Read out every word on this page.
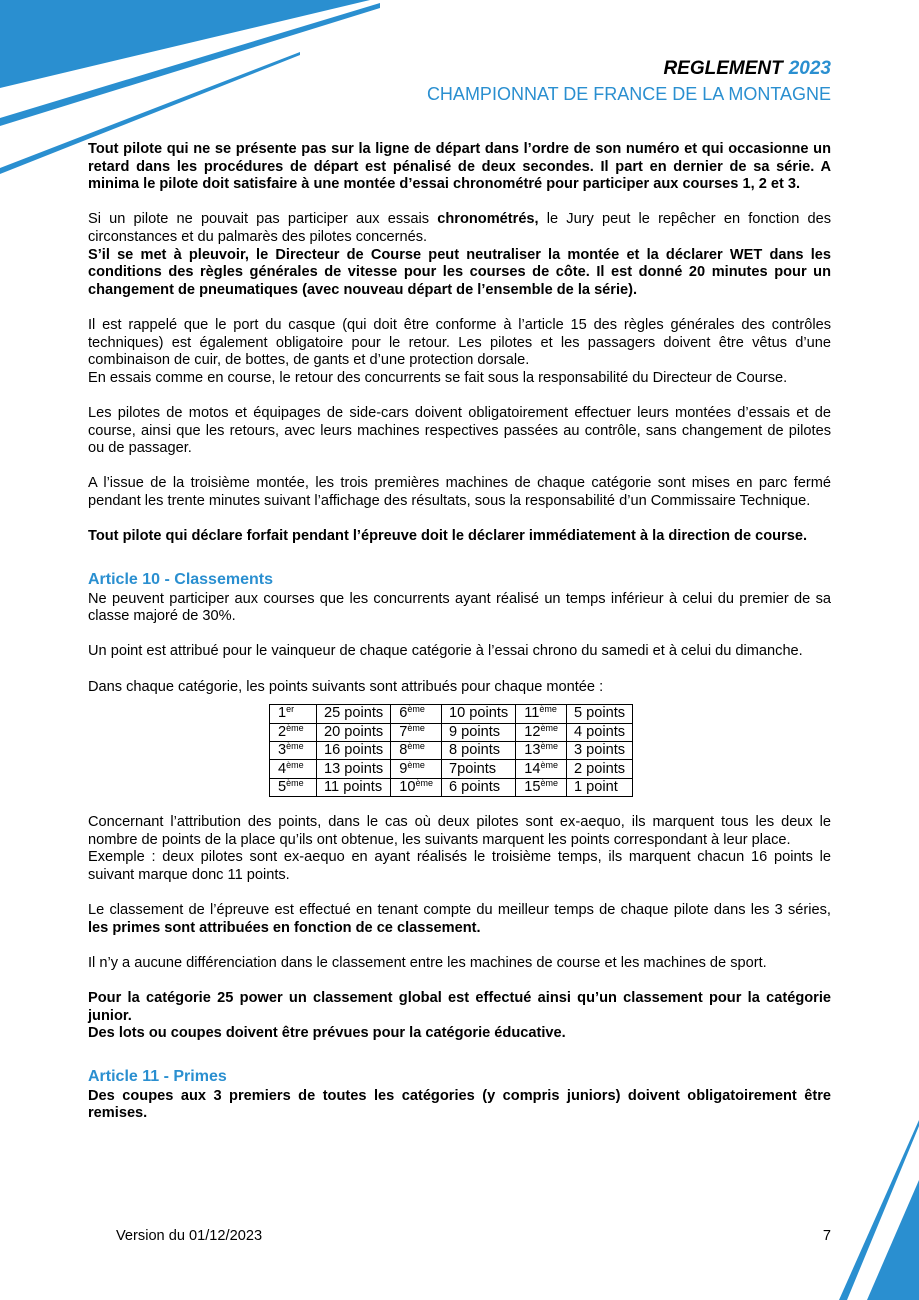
REGLEMENT 2023
CHAMPIONNAT DE FRANCE DE LA MONTAGNE

Tout pilote qui ne se présente pas sur la ligne de départ dans l’ordre de son numéro et qui occasionne un retard dans les procédures de départ est pénalisé de deux secondes. Il part en dernier de sa série. A minima le pilote doit satisfaire à une montée d’essai chronométré pour participer aux courses 1, 2 et 3.

Si un pilote ne pouvait pas participer aux essais chronométrés, le Jury peut le repêcher en fonction des circonstances et du palmarès des pilotes concernés.

S’il se met à pleuvoir, le Directeur de Course peut neutraliser la montée et la déclarer WET dans les conditions des règles générales de vitesse pour les courses de côte. Il est donné 20 minutes pour un changement de pneumatiques (avec nouveau départ de l’ensemble de la série).

Il est rappelé que le port du casque (qui doit être conforme à l’article 15 des règles générales des contrôles techniques) est également obligatoire pour le retour. Les pilotes et les passagers doivent être vêtus d’une combinaison de cuir, de bottes, de gants et d’une protection dorsale.

En essais comme en course, le retour des concurrents se fait sous la responsabilité du Directeur de Course.

Les pilotes de motos et équipages de side-cars doivent obligatoirement effectuer leurs montées d’essais et de course, ainsi que les retours, avec leurs machines respectives passées au contrôle, sans changement de pilotes ou de passager.

A l’issue de la troisième montée, les trois premières machines de chaque catégorie sont mises en parc fermé pendant les trente minutes suivant l’affichage des résultats, sous la responsabilité d’un Commissaire Technique.

Tout pilote qui déclare forfait pendant l’épreuve doit le déclarer immédiatement à la direction de course.

Article 10 - Classements

Ne peuvent participer aux courses que les concurrents ayant réalisé un temps inférieur à celui du premier de sa classe majoré de 30%.

Un point est attribué pour le vainqueur de chaque catégorie à l’essai chrono du samedi et à celui du dimanche.

Dans chaque catégorie, les points suivants sont attribués pour chaque montée :

1er	25 points	6ème	10 points	11ème	5 points
2ème	20 points	7ème	9 points	12ème	4 points
3ème	16 points	8ème	8 points	13ème	3 points
4ème	13 points	9ème	7points	14ème	2 points
5ème	11 points	10ème	6 points	15ème	1 point

Concernant l’attribution des points, dans le cas où deux pilotes sont ex-aequo, ils marquent tous les deux le nombre de points de la place qu’ils ont obtenue, les suivants marquent les points correspondant à leur place.

Exemple : deux pilotes sont ex-aequo en ayant réalisés le troisième temps, ils marquent chacun 16 points le suivant marque donc 11 points.

Le classement de l’épreuve est effectué en tenant compte du meilleur temps de chaque pilote dans les 3 séries, les primes sont attribuées en fonction de ce classement.

Il n’y a aucune différenciation dans le classement entre les machines de course et les machines de sport.

Pour la catégorie 25 power un classement global est effectué ainsi qu’un classement pour la catégorie junior.

Des lots ou coupes doivent être prévues pour la catégorie éducative.

Article 11 - Primes

Des coupes aux 3 premiers de toutes les catégories (y compris juniors) doivent obligatoirement être remises.

Version du 01/12/2023	7
